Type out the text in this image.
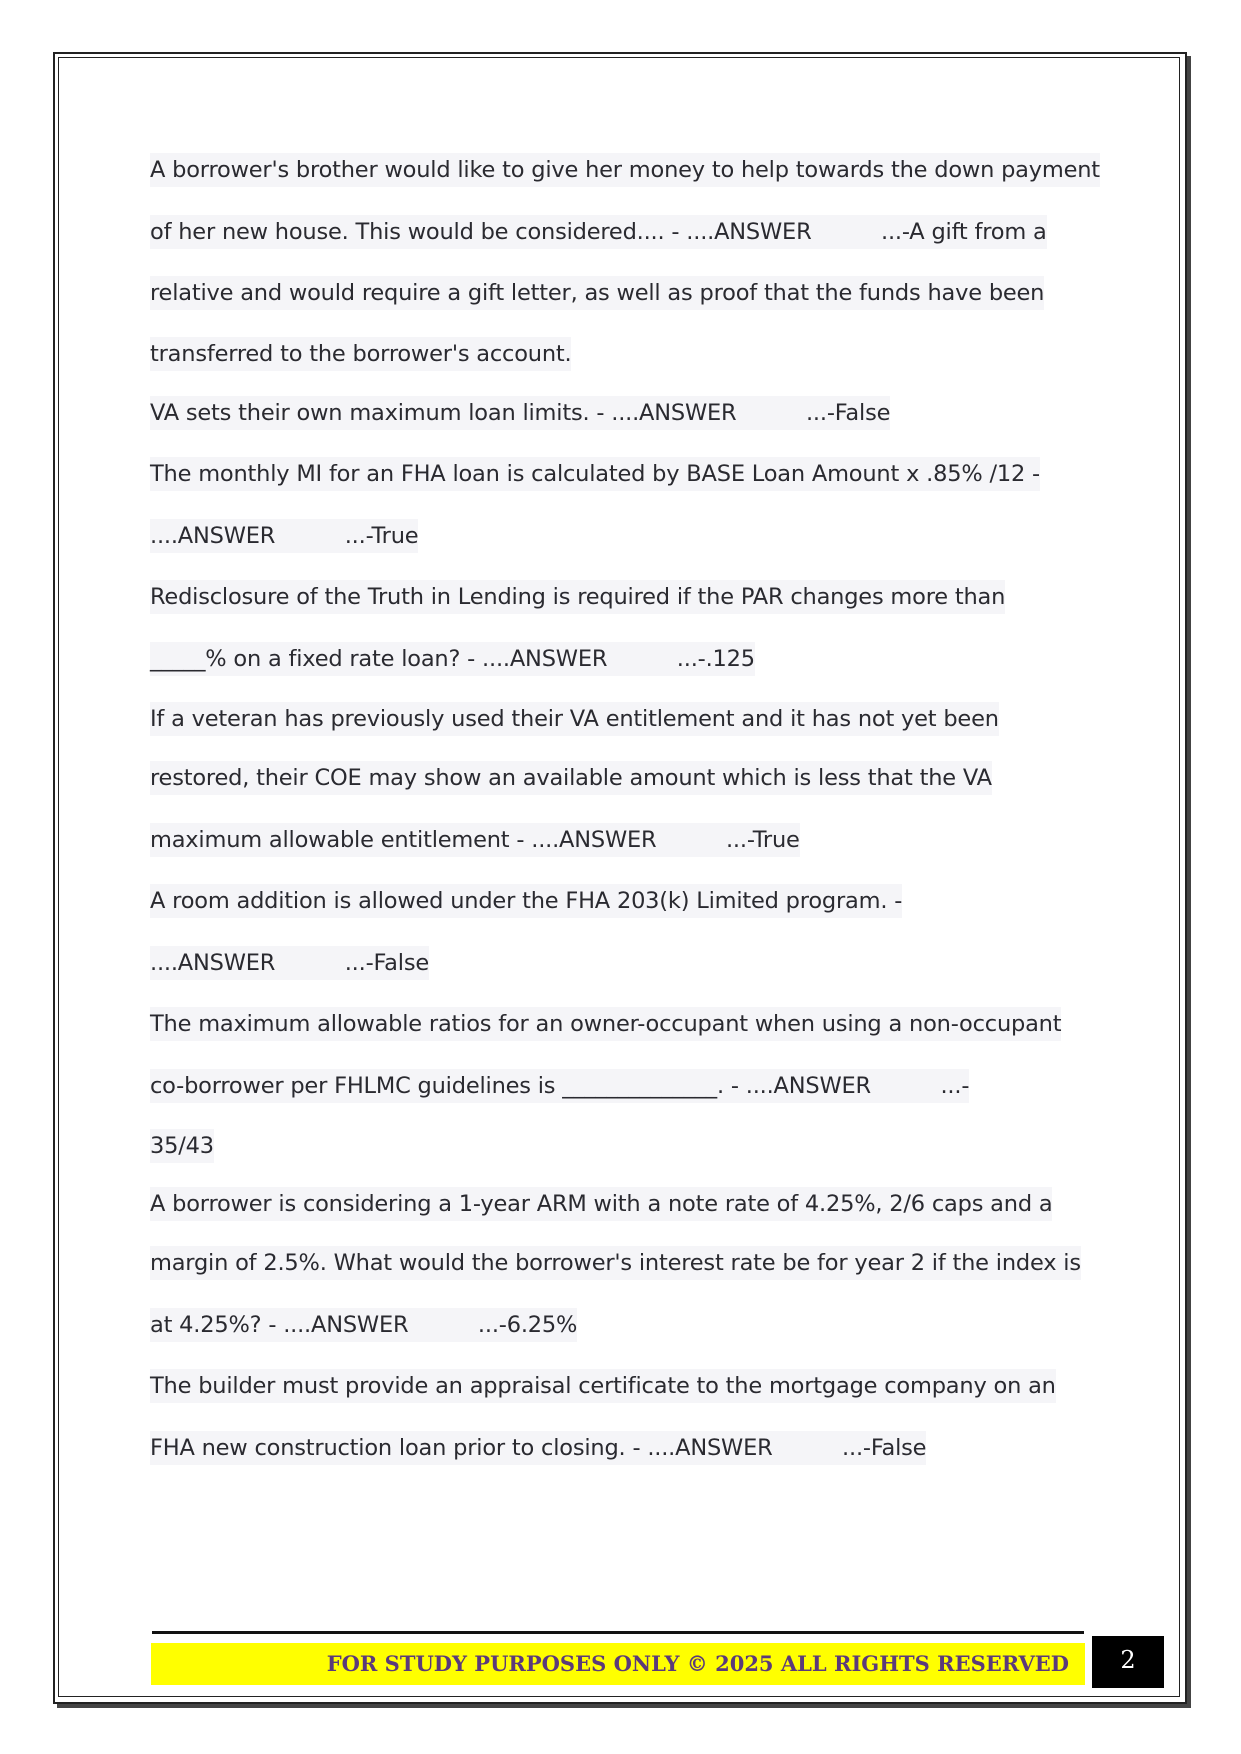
A borrower's brother would like to give her money to help towards the down payment
of her new house. This would be considered.... - ....ANSWER          ...-A gift from a
relative and would require a gift letter, as well as proof that the funds have been
transferred to the borrower's account.
VA sets their own maximum loan limits. - ....ANSWER          ...-False
The monthly MI for an FHA loan is calculated by BASE Loan Amount x .85% /12 -
....ANSWER          ...-True
Redisclosure of the Truth in Lending is required if the PAR changes more than
_____% on a fixed rate loan? - ....ANSWER          ...-.125
If a veteran has previously used their VA entitlement and it has not yet been
restored, their COE may show an available amount which is less that the VA
maximum allowable entitlement - ....ANSWER          ...-True
A room addition is allowed under the FHA 203(k) Limited program. -
....ANSWER          ...-False
The maximum allowable ratios for an owner-occupant when using a non-occupant
co-borrower per FHLMC guidelines is ______________. - ....ANSWER          ...-
35/43
A borrower is considering a 1-year ARM with a note rate of 4.25%, 2/6 caps and a
margin of 2.5%. What would the borrower's interest rate be for year 2 if the index is
at 4.25%? - ....ANSWER          ...-6.25%
The builder must provide an appraisal certificate to the mortgage company on an
FHA new construction loan prior to closing. - ....ANSWER          ...-False
FOR STUDY PURPOSES ONLY © 2025 ALL RIGHTS RESERVED	2
